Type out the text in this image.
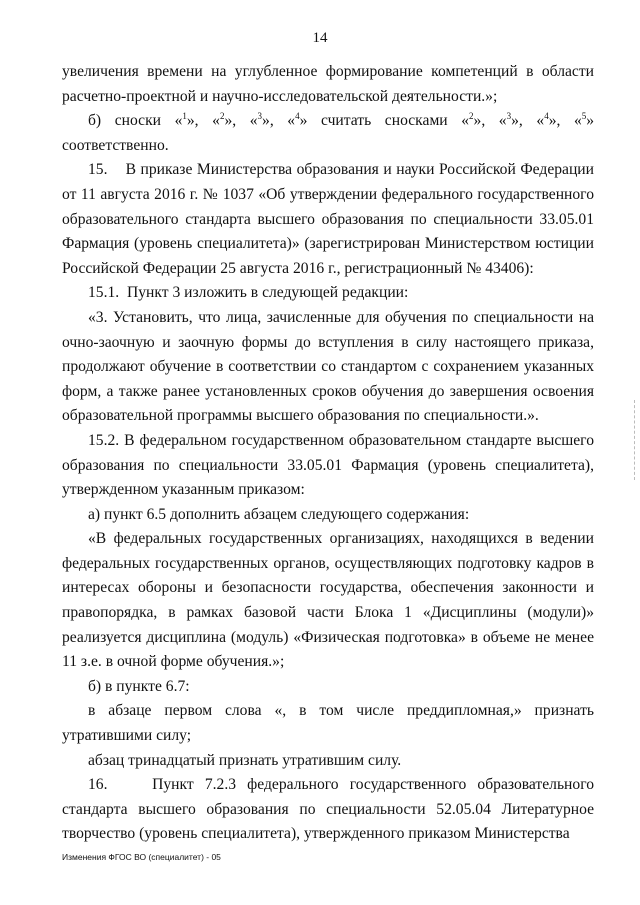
14

увеличения времени на углубленное формирование компетенций в области расчетно-проектной и научно-исследовательской деятельности.»;

б) сноски «$^1$», «$^2$», «$^3$», «$^4$» считать сносками «$^2$», «$^3$», «$^4$», «$^5$» соответственно.

15.    В приказе Министерства образования и науки Российской Федерации от 11 августа 2016 г. № 1037 «Об утверждении федерального государственного образовательного стандарта высшего образования по специальности 33.05.01 Фармация (уровень специалитета)» (зарегистрирован Министерством юстиции Российской Федерации 25 августа 2016 г., регистрационный № 43406):

15.1.  Пункт 3 изложить в следующей редакции:

«3. Установить, что лица, зачисленные для обучения по специальности на очно-заочную и заочную формы до вступления в силу настоящего приказа, продолжают обучение в соответствии со стандартом с сохранением указанных форм, а также ранее установленных сроков обучения до завершения освоения образовательной программы высшего образования по специальности.».

15.2. В федеральном государственном образовательном стандарте высшего образования по специальности 33.05.01 Фармация (уровень специалитета), утвержденном указанным приказом:

а) пункт 6.5 дополнить абзацем следующего содержания:

«В федеральных государственных организациях, находящихся в ведении федеральных государственных органов, осуществляющих подготовку кадров в интересах обороны и безопасности государства, обеспечения законности и правопорядка, в рамках базовой части Блока 1 «Дисциплины (модули)» реализуется дисциплина (модуль) «Физическая подготовка» в объеме не менее 11 з.е. в очной форме обучения.»;

б) в пункте 6.7:

в абзаце первом слова «, в том числе преддипломная,» признать утратившими силу;

абзац тринадцатый признать утратившим силу.

16.    Пункт 7.2.3 федерального государственного образовательного стандарта высшего образования по специальности 52.05.04 Литературное творчество (уровень специалитета), утвержденного приказом Министерства

Изменения ФГОС ВО (специалитет) - 05
